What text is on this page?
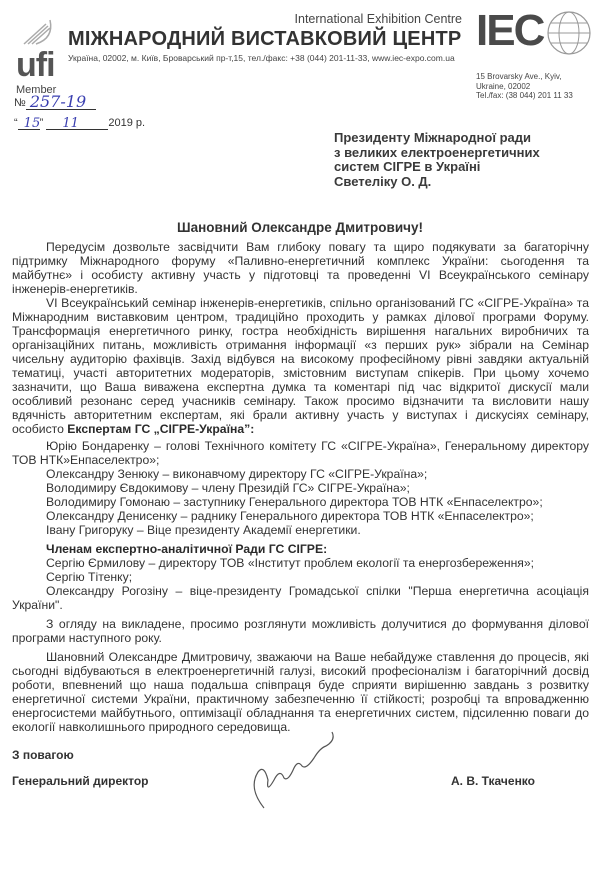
ufi
Member
International Exhibition Centre
МІЖНАРОДНИЙ ВИСТАВКОВИЙ ЦЕНТР
Україна, 02002, м. Київ, Броварський пр-т,15, тел./факс: +38 (044) 201-11-33, www.iec-expo.com.ua
IEC
15 Brovarsky Ave., Kyiv,
Ukraine, 02002
Tel./fax: (38 044) 201 11 33
№ 257-19
“ 15 ” 11	2019 р.
Президенту Міжнародної ради
з великих електроенергетичних
систем СІГРЕ в Україні
Светеліку О. Д.
Шановний Олександре Дмитровичу!

Передусім дозвольте засвідчити Вам глибоку повагу та щиро подякувати за багаторічну підтримку Міжнародного форуму «Паливно-енергетичний комплекс України: сьогодення та майбутнє» і особисту активну участь у підготовці та проведенні VI Всеукраїнського семінару інженерів-енергетиків.

VI Всеукраїнський семінар інженерів-енергетиків, спільно організований ГС «СІГРЕ-Україна» та Міжнародним виставковим центром, традиційно проходить у рамках ділової програми Форуму. Трансформація енергетичного ринку, гостра необхідність вирішення нагальних виробничих та організаційних питань, можливість отримання інформації «з перших рук» зібрали на Семінар чисельну аудиторію фахівців. Захід відбувся на високому професійному рівні завдяки актуальній тематиці, участі авторитетних модераторів, змістовним виступам спікерів. При цьому хочемо зазначити, що Ваша виважена експертна думка та коментарі під час відкритої дискусії мали особливий резонанс серед учасників семінару. Також просимо відзначити та висловити нашу вдячність авторитетним експертам, які брали активну участь у виступах і дискусіях семінару, особисто Експертам ГС „СІГРЕ-Україна”:

Юрію Бондаренку – голові Технічного комітету ГС «СІГРЕ-Україна», Генеральному директору ТОВ НТК»Енпаселектро»;

Олександру Зенюку – виконавчому директору ГС «СІГРЕ-Україна»;

Володимиру Євдокимову – члену Президій ГС» СІГРЕ-Україна»;

Володимиру Гомонаю – заступнику Генерального директора ТОВ НТК «Енпаселектро»;

Олександру Денисенку – раднику Генерального директора ТОВ НТК «Енпаселектро»;

Івану Григоруку – Віце президенту Академії енергетики.

Членам експертно-аналітичної Ради ГС СІГРЕ:

Сергію Єрмилову – директору ТОВ «Інститут проблем екології та енергозбереження»;

Сергію Тітенку;

Олександру Рогозіну – віце-президенту Громадської спілки "Перша енергетична асоціація України".

З огляду на викладене, просимо розглянути можливість долучитися до формування ділової програми наступного року.

Шановний Олександре Дмитровичу, зважаючи на Ваше небайдуже ставлення до процесів, які сьогодні відбуваються в електроенергетичній галузі, високий професіоналізм і багаторічний досвід роботи, впевнений що наша подальша співпраця буде сприяти вирішенню завдань з розвитку енергетичної системи України, практичному забезпеченню її стійкості; розробці та впровадженню енергосистеми майбутнього, оптимізації обладнання та енергетичних систем, підсиленню поваги до екології навколишнього природного середовища.

З повагою
Генеральний директор	А. В. Ткаченко
